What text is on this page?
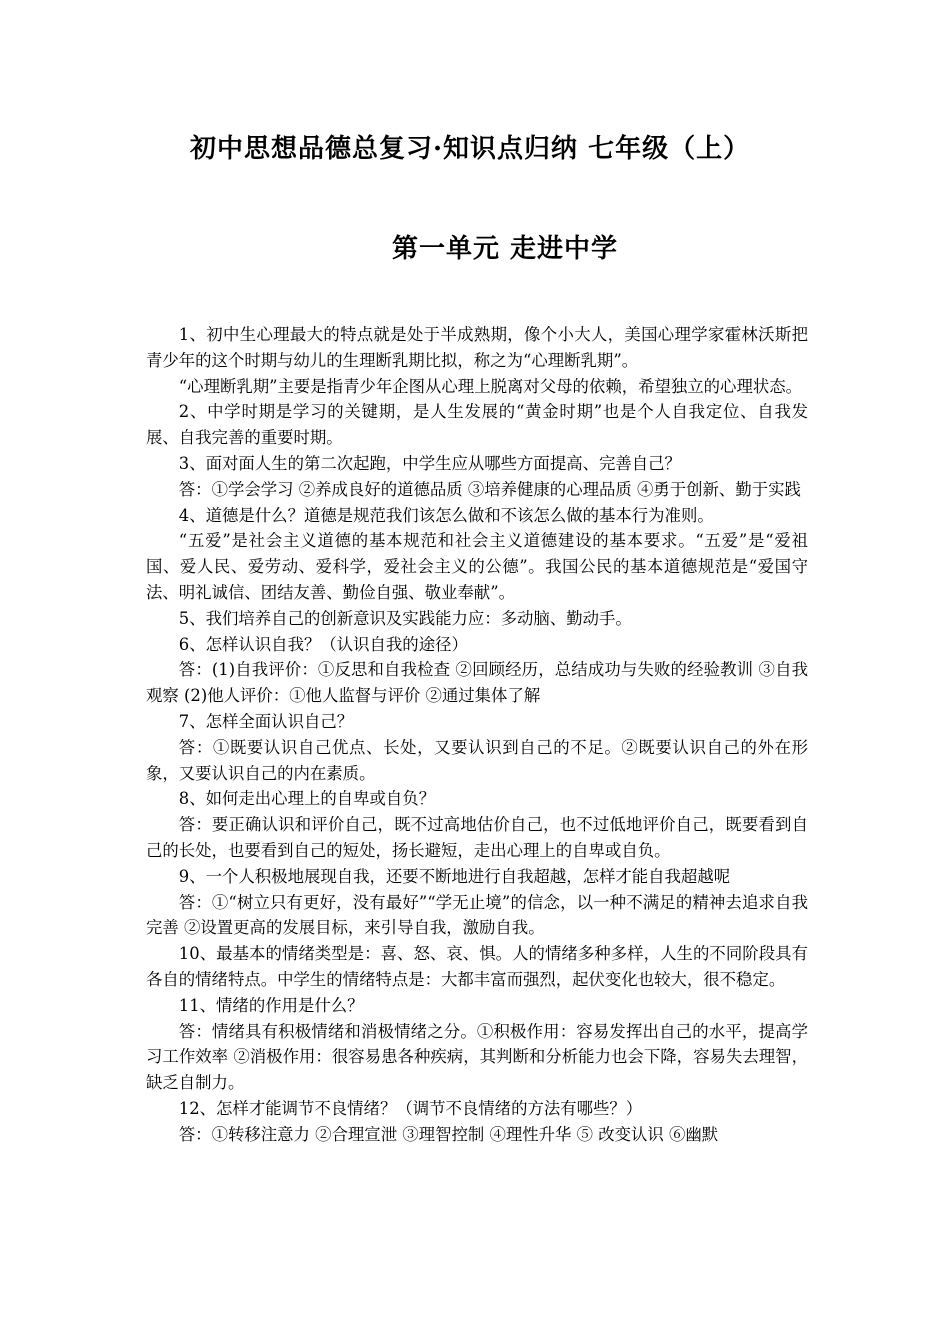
初中思想品德总复习·知识点归纳 七年级（上）
第一单元 走进中学

1、初中生心理最大的特点就是处于半成熟期，像个小大人，美国心理学家霍林沃斯把青少年的这个时期与幼儿的生理断乳期比拟，称之为“心理断乳期”。

“心理断乳期”主要是指青少年企图从心理上脱离对父母的依赖，希望独立的心理状态。

2、中学时期是学习的关键期，是人生发展的“黄金时期”也是个人自我定位、自我发展、自我完善的重要时期。

3、面对面人生的第二次起跑，中学生应从哪些方面提高、完善自己？

答：①学会学习 ②养成良好的道德品质 ③培养健康的心理品质 ④勇于创新、勤于实践

4、道德是什么？道德是规范我们该怎么做和不该怎么做的基本行为准则。

“五爱”是社会主义道德的基本规范和社会主义道德建设的基本要求。“五爱”是“爱祖国、爱人民、爱劳动、爱科学，爱社会主义的公德”。我国公民的基本道德规范是“爱国守法、明礼诚信、团结友善、勤俭自强、敬业奉献”。

5、我们培养自己的创新意识及实践能力应：多动脑、勤动手。

6、怎样认识自我？（认识自我的途径）

答：(1)自我评价：①反思和自我检查 ②回顾经历，总结成功与失败的经验教训 ③自我观察 (2)他人评价：①他人监督与评价 ②通过集体了解

7、怎样全面认识自己？

答：①既要认识自己优点、长处，又要认识到自己的不足。②既要认识自己的外在形象，又要认识自己的内在素质。

8、如何走出心理上的自卑或自负？

答：要正确认识和评价自己，既不过高地估价自己，也不过低地评价自己，既要看到自己的长处，也要看到自己的短处，扬长避短，走出心理上的自卑或自负。

9、一个人积极地展现自我，还要不断地进行自我超越，怎样才能自我超越呢

答：①“树立只有更好，没有最好”“学无止境”的信念，以一种不满足的精神去追求自我完善 ②设置更高的发展目标，来引导自我，激励自我。

10、最基本的情绪类型是：喜、怒、哀、惧。人的情绪多种多样，人生的不同阶段具有各自的情绪特点。中学生的情绪特点是：大都丰富而强烈，起伏变化也较大，很不稳定。

11、情绪的作用是什么？

答：情绪具有积极情绪和消极情绪之分。①积极作用：容易发挥出自己的水平，提高学习工作效率 ②消极作用：很容易患各种疾病，其判断和分析能力也会下降，容易失去理智，缺乏自制力。

12、怎样才能调节不良情绪？（调节不良情绪的方法有哪些？）

答：①转移注意力 ②合理宣泄 ③理智控制 ④理性升华 ⑤ 改变认识 ⑥幽默
